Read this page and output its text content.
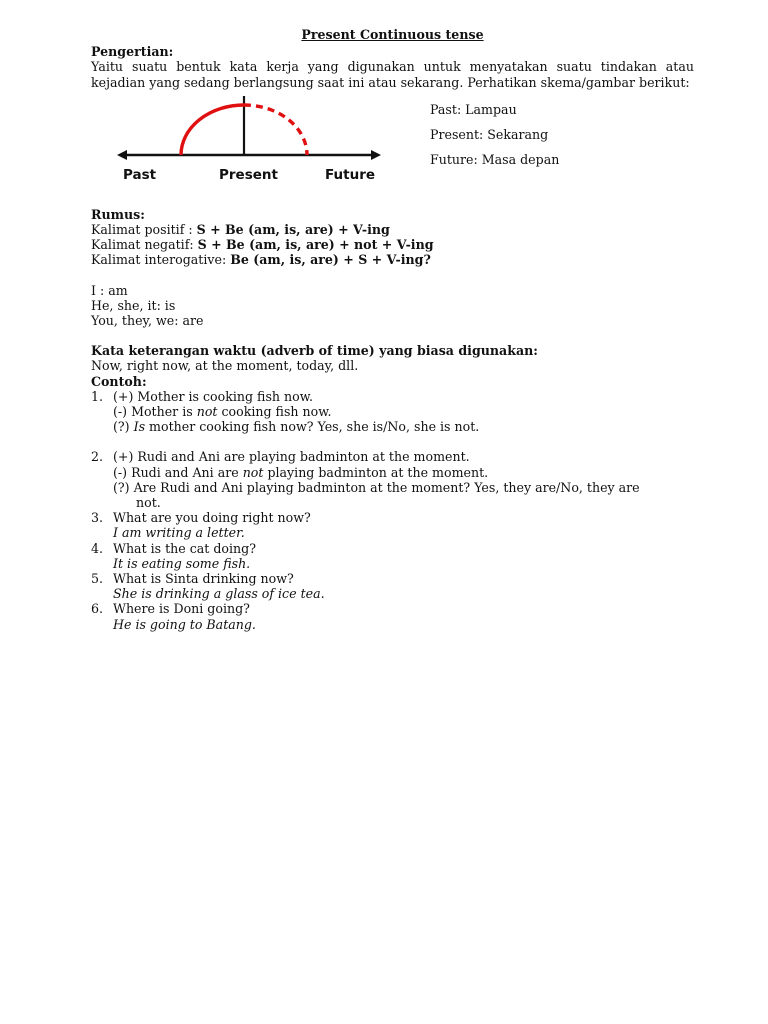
Present Continuous tense
Pengertian:
Yaitu suatu bentuk kata kerja yang digunakan untuk menyatakan suatu tindakan atau kejadian yang sedang berlangsung saat ini atau sekarang. Perhatikan skema/gambar berikut:
Past	Present	Future
Past: Lampau
Present: Sekarang
Future: Masa depan
Rumus:
Kalimat positif : S + Be (am, is, are) + V-ing
Kalimat negatif: S + Be (am, is, are) + not + V-ing
Kalimat interogative: Be (am, is, are) + S + V-ing?
I : am
He, she, it: is
You, they, we: are
Kata keterangan waktu (adverb of time) yang biasa digunakan:
Now, right now, at the moment, today, dll.
Contoh:
1. (+) Mother is cooking fish now.
(-) Mother is not cooking fish now.
(?) Is mother cooking fish now? Yes, she is/No, she is not.
2. (+) Rudi and Ani are playing badminton at the moment.
(-) Rudi and Ani are not playing badminton at the moment.
(?) Are Rudi and Ani playing badminton at the moment? Yes, they are/No, they are
not.
3. What are you doing right now?
I am writing a letter.
4. What is the cat doing?
It is eating some fish.
5. What is Sinta drinking now?
She is drinking a glass of ice tea.
6. Where is Doni going?
He is going to Batang.
